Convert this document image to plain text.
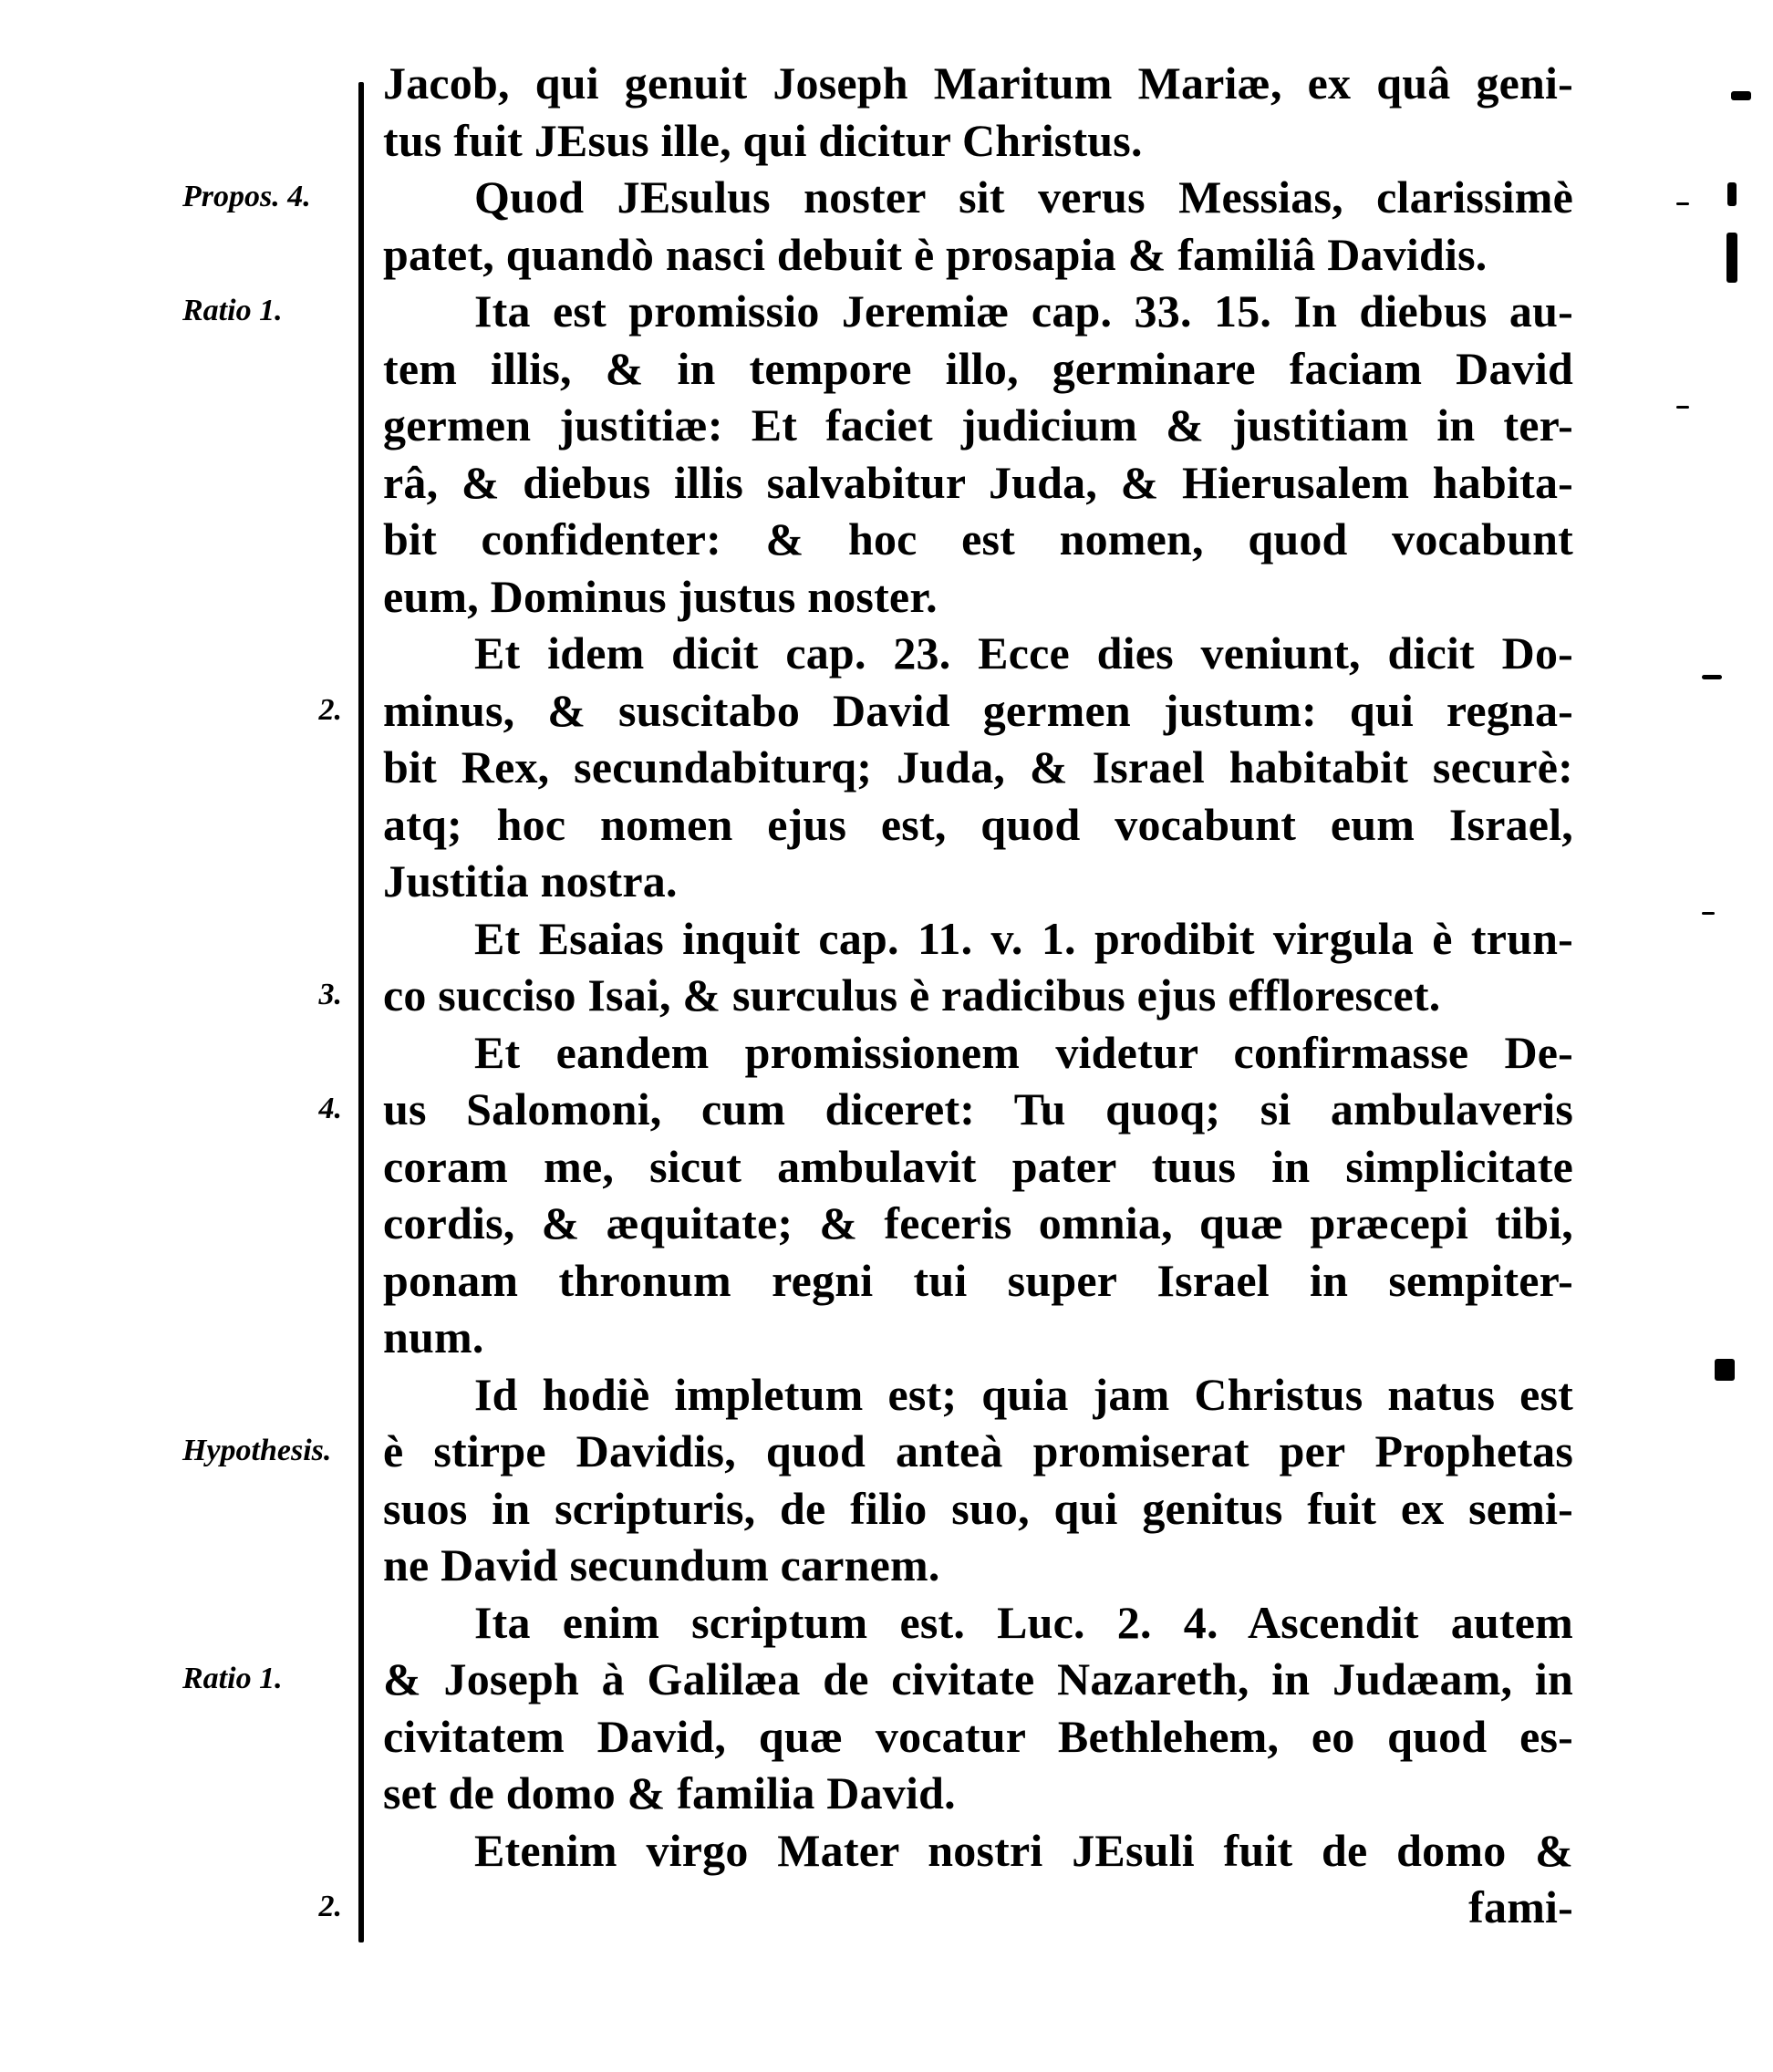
Propos. 4.
Ratio 1.
2.
3.
4.
Hypothesis.
Ratio 1.
2.
Jacob, qui genuit Joseph Maritum Mariæ, ex quâ geni-
tus fuit JEsus ille, qui dicitur Christus.
Quod JEsulus noster sit verus Messias, clarissimè
patet, quandò nasci debuit è prosapia & familiâ Davidis.
Ita est promissio Jeremiæ cap. 33. 15. In diebus au-
tem illis, & in tempore illo, germinare faciam David
germen justitiæ: Et faciet judicium & justitiam in ter-
râ, & diebus illis salvabitur Juda, & Hierusalem habita-
bit confidenter: & hoc est nomen, quod vocabunt
eum, Dominus justus noster.
Et idem dicit cap. 23. Ecce dies veniunt, dicit Do-
minus, & suscitabo David germen justum: qui regna-
bit Rex, secundabiturq; Juda, & Israel habitabit securè:
atq; hoc nomen ejus est, quod vocabunt eum Israel,
Justitia nostra.
Et Esaias inquit cap. 11. v. 1. prodibit virgula è trun-
co succiso Isai, & surculus è radicibus ejus efflorescet.
Et eandem promissionem videtur confirmasse De-
us Salomoni, cum diceret: Tu quoq; si ambulaveris
coram me, sicut ambulavit pater tuus in simplicitate
cordis, & æquitate; & feceris omnia, quæ præcepi tibi,
ponam thronum regni tui super Israel in sempiter-
num.
Id hodiè impletum est; quia jam Christus natus est
è stirpe Davidis, quod anteà promiserat per Prophetas
suos in scripturis, de filio suo, qui genitus fuit ex semi-
ne David secundum carnem.
Ita enim scriptum est. Luc. 2. 4. Ascendit autem
& Joseph à Galilæa de civitate Nazareth, in Judæam, in
civitatem David, quæ vocatur Bethlehem, eo quod es-
set de domo & familia David.
Etenim virgo Mater nostri JEsuli fuit de domo &
fami-
